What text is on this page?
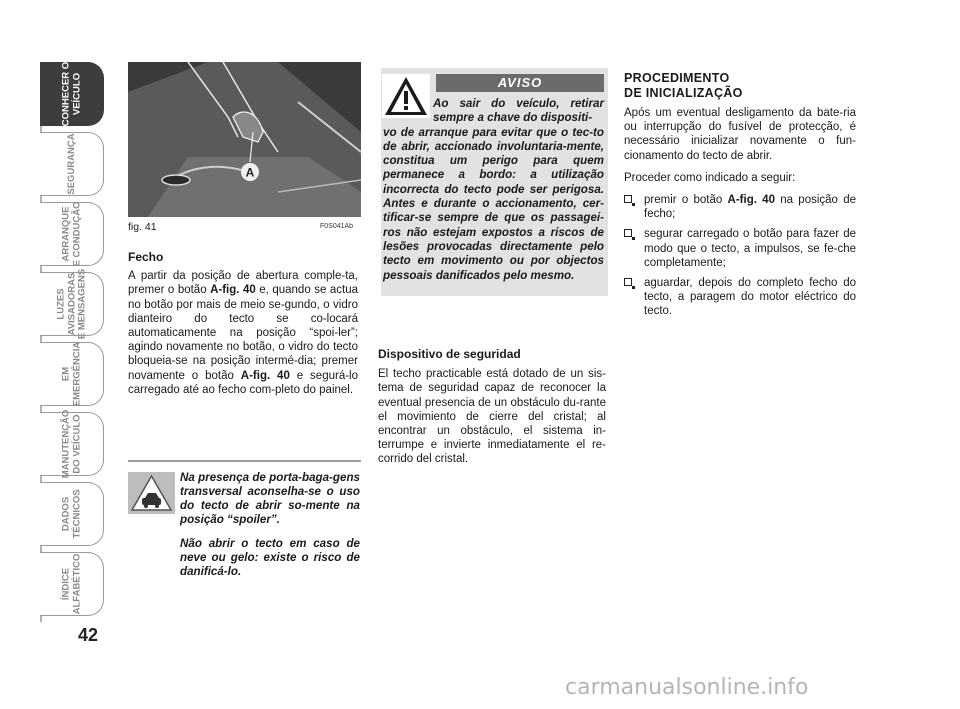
CONHECER O
VEÍCULO
SEGURANÇA
ARRANQUE
E CONDUÇÃO
LUZES
AVISADORAS
E MENSAGENS
EM
EMERGÊNCIA
MANUTENÇÃO
DO VEÍCULO
DADOS
TÉCNICOS
ÍNDICE
ALFABÉTICO
42
A
fig. 41	F0S041Ab

Fecho

A partir da posição de abertura comple-ta, premer o botão A-fig. 40 e, quando se actua no botão por mais de meio se-gundo, o vidro dianteiro do tecto se co-locará automaticamente na posição “spoi-ler”; agindo novamente no botão, o vidro do tecto bloqueia-se na posição intermé-dia; premer novamente o botão A-fig. 40 e segurá-lo carregado até ao fecho com-pleto do painel.

Na presença de porta-baga-gens transversal aconselha-se o uso do tecto de abrir so-mente na posição “spoiler”.
Não abrir o tecto em caso de neve ou gelo: existe o risco de danificá-lo.
AVISO
Ao sair do veículo, retirar sempre a chave do dispositi-
vo de arranque para evitar que o tec-to de abrir, accionado involuntaria-mente, constitua um perigo para quem permanece a bordo: a utilização incorrecta do tecto pode ser perigosa. Antes e durante o accionamento, cer-tificar-se sempre de que os passagei-ros não estejam expostos a riscos de lesões provocadas directamente pelo tecto em movimento ou por objectos pessoais danificados pelo mesmo.

Dispositivo de seguridad

El techo practicable está dotado de un sis-tema de seguridad capaz de reconocer la eventual presencia de un obstáculo du-rante el movimiento de cierre del cristal; al encontrar un obstáculo, el sistema in-terrumpe e invierte inmediatamente el re-corrido del cristal.

PROCEDIMENTO
DE INICIALIZAÇÃO

Após um eventual desligamento da bate-ria ou interrupção do fusível de protecção, é necessário inicializar novamente o fun-cionamento do tecto de abrir.

Proceder como indicado a seguir:

premir o botão A-fig. 40 na posição de fecho;
segurar carregado o botão para fazer de modo que o tecto, a impulsos, se fe-che completamente;
aguardar, depois do completo fecho do tecto, a paragem do motor eléctrico do tecto.
carmanualsonline.info
